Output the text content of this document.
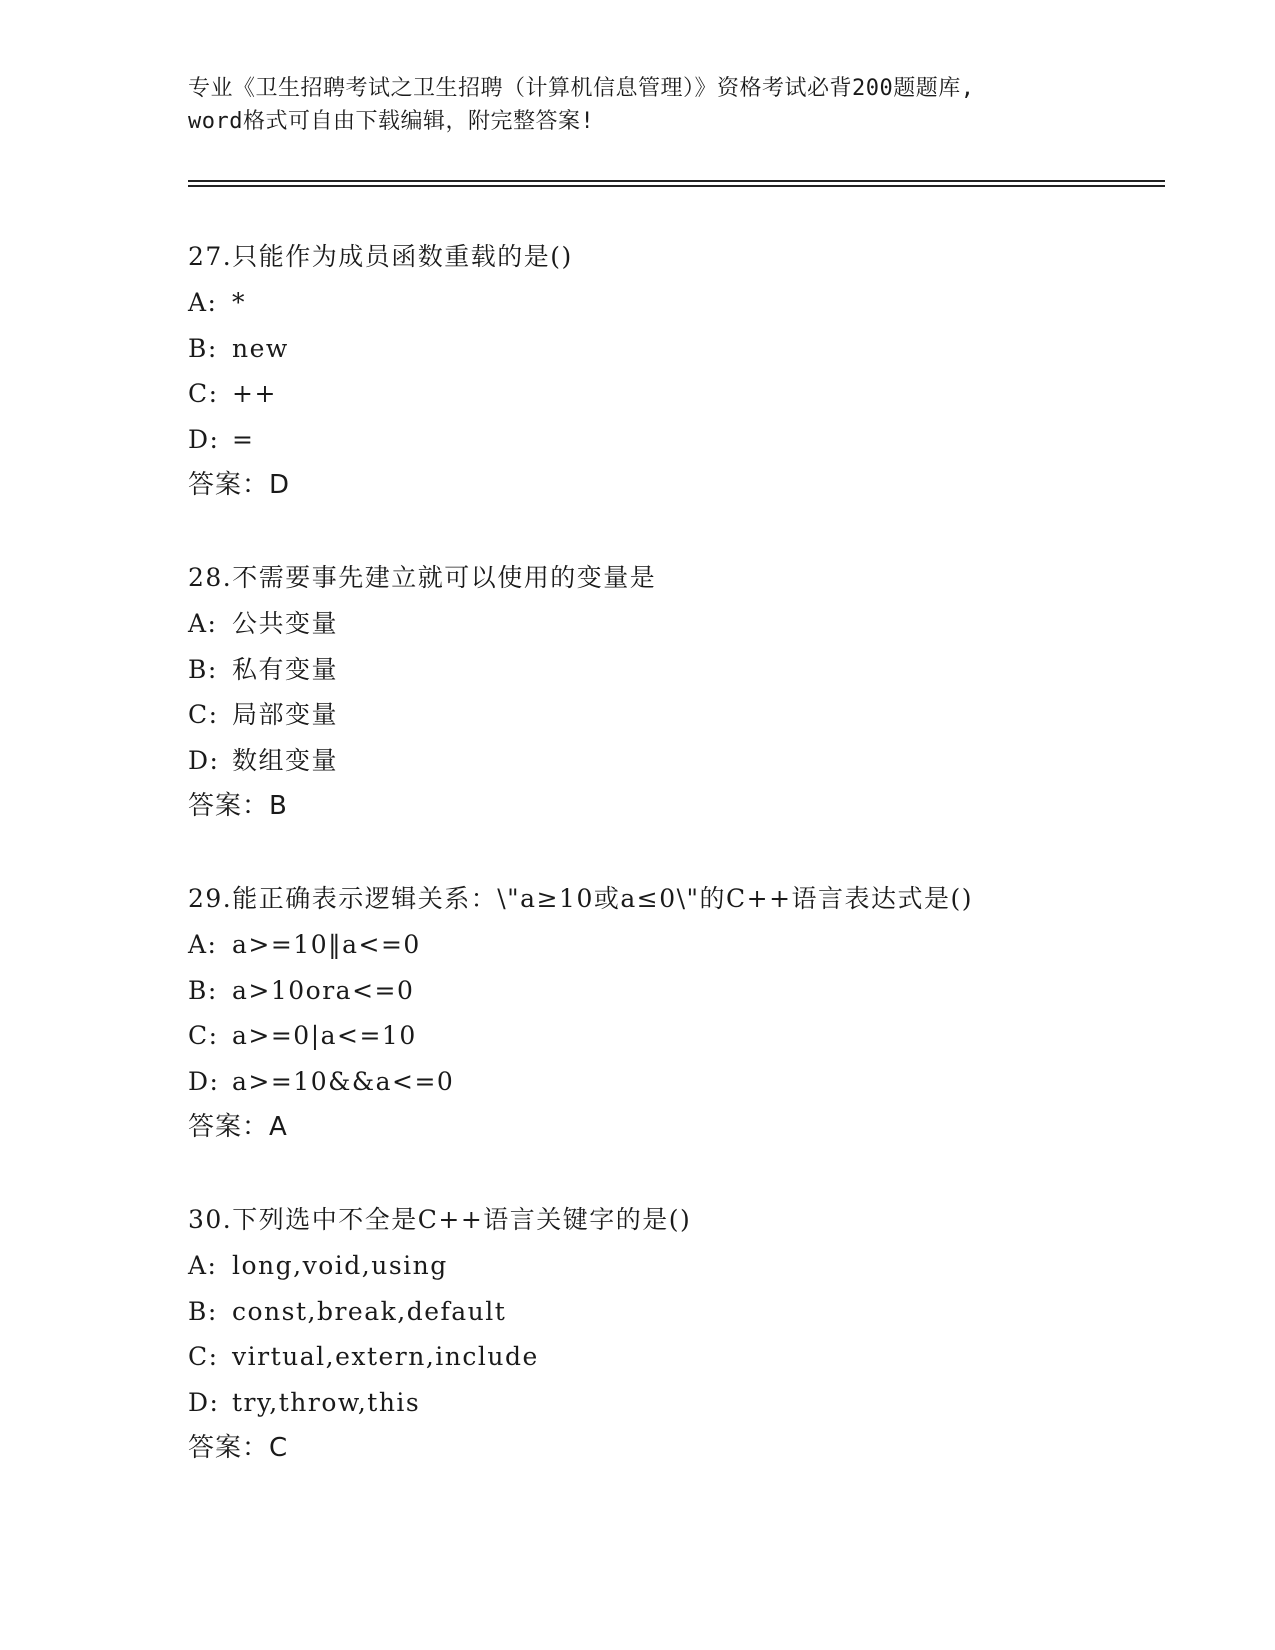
专业《卫生招聘考试之卫生招聘（计算机信息管理）》资格考试必背200题题库,
word格式可自由下载编辑，附完整答案!
27.只能作为成员函数重载的是()
A: *
B: new
C: ++
D: =
答案：D
28.不需要事先建立就可以使用的变量是
A: 公共变量
B: 私有变量
C: 局部变量
D: 数组变量
答案：B
29.能正确表示逻辑关系：\"a≥10或a≤0\"的C++语言表达式是()
A: a>=10‖a<=0
B: a>10ora<=0
C: a>=0|a<=10
D: a>=10&&a<=0
答案：A
30.下列选中不全是C++语言关键字的是()
A: long,void,using
B: const,break,default
C: virtual,extern,include
D: try,throw,this
答案：C
